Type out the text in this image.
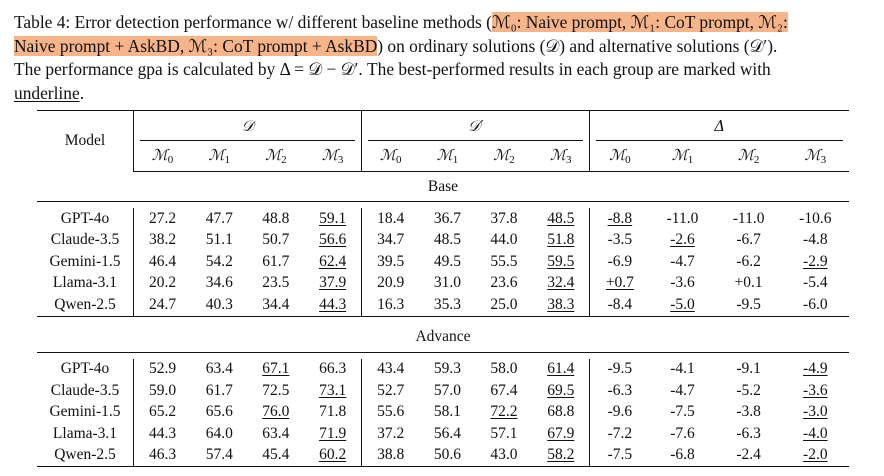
Table 4: Error detection performance w/ different baseline methods (ℳ₀: Naive prompt, ℳ₁: CoT prompt, ℳ₂:
Naive prompt + AskBD, ℳ₃: CoT prompt + AskBD) on ordinary solutions (𝒟) and alternative solutions (𝒟′).
The performance gpa is calculated by Δ = 𝒟 − 𝒟′. The best-performed results in each group are marked with
underline.
Model	𝒟				𝒟′				Δ			
	ℳ$_0$	ℳ$_1$	ℳ$_2$	ℳ$_3$	ℳ$_0$	ℳ$_1$	ℳ$_2$	ℳ$_3$	ℳ$_0$	ℳ$_1$	ℳ$_2$	ℳ$_3$
Base												

GPT-4o	27.2	47.7	48.8	59.1	18.4	36.7	37.8	48.5	-8.8	-11.0	-11.0	-10.6
Claude-3.5	38.2	51.1	50.7	56.6	34.7	48.5	44.0	51.8	-3.5	-2.6	-6.7	-4.8
Gemini-1.5	46.4	54.2	61.7	62.4	39.5	49.5	55.5	59.5	-6.9	-4.7	-6.2	-2.9
Llama-3.1	20.2	34.6	23.5	37.9	20.9	31.0	23.6	32.4	+0.7	-3.6	+0.1	-5.4
Qwen-2.5	24.7	40.3	34.4	44.3	16.3	35.3	25.0	38.3	-8.4	-5.0	-9.5	-6.0

Advance												

GPT-4o	52.9	63.4	67.1	66.3	43.4	59.3	58.0	61.4	-9.5	-4.1	-9.1	-4.9
Claude-3.5	59.0	61.7	72.5	73.1	52.7	57.0	67.4	69.5	-6.3	-4.7	-5.2	-3.6
Gemini-1.5	65.2	65.6	76.0	71.8	55.6	58.1	72.2	68.8	-9.6	-7.5	-3.8	-3.0
Llama-3.1	44.3	64.0	63.4	71.9	37.2	56.4	57.1	67.9	-7.2	-7.6	-6.3	-4.0
Qwen-2.5	46.3	57.4	45.4	60.2	38.8	50.6	43.0	58.2	-7.5	-6.8	-2.4	-2.0
